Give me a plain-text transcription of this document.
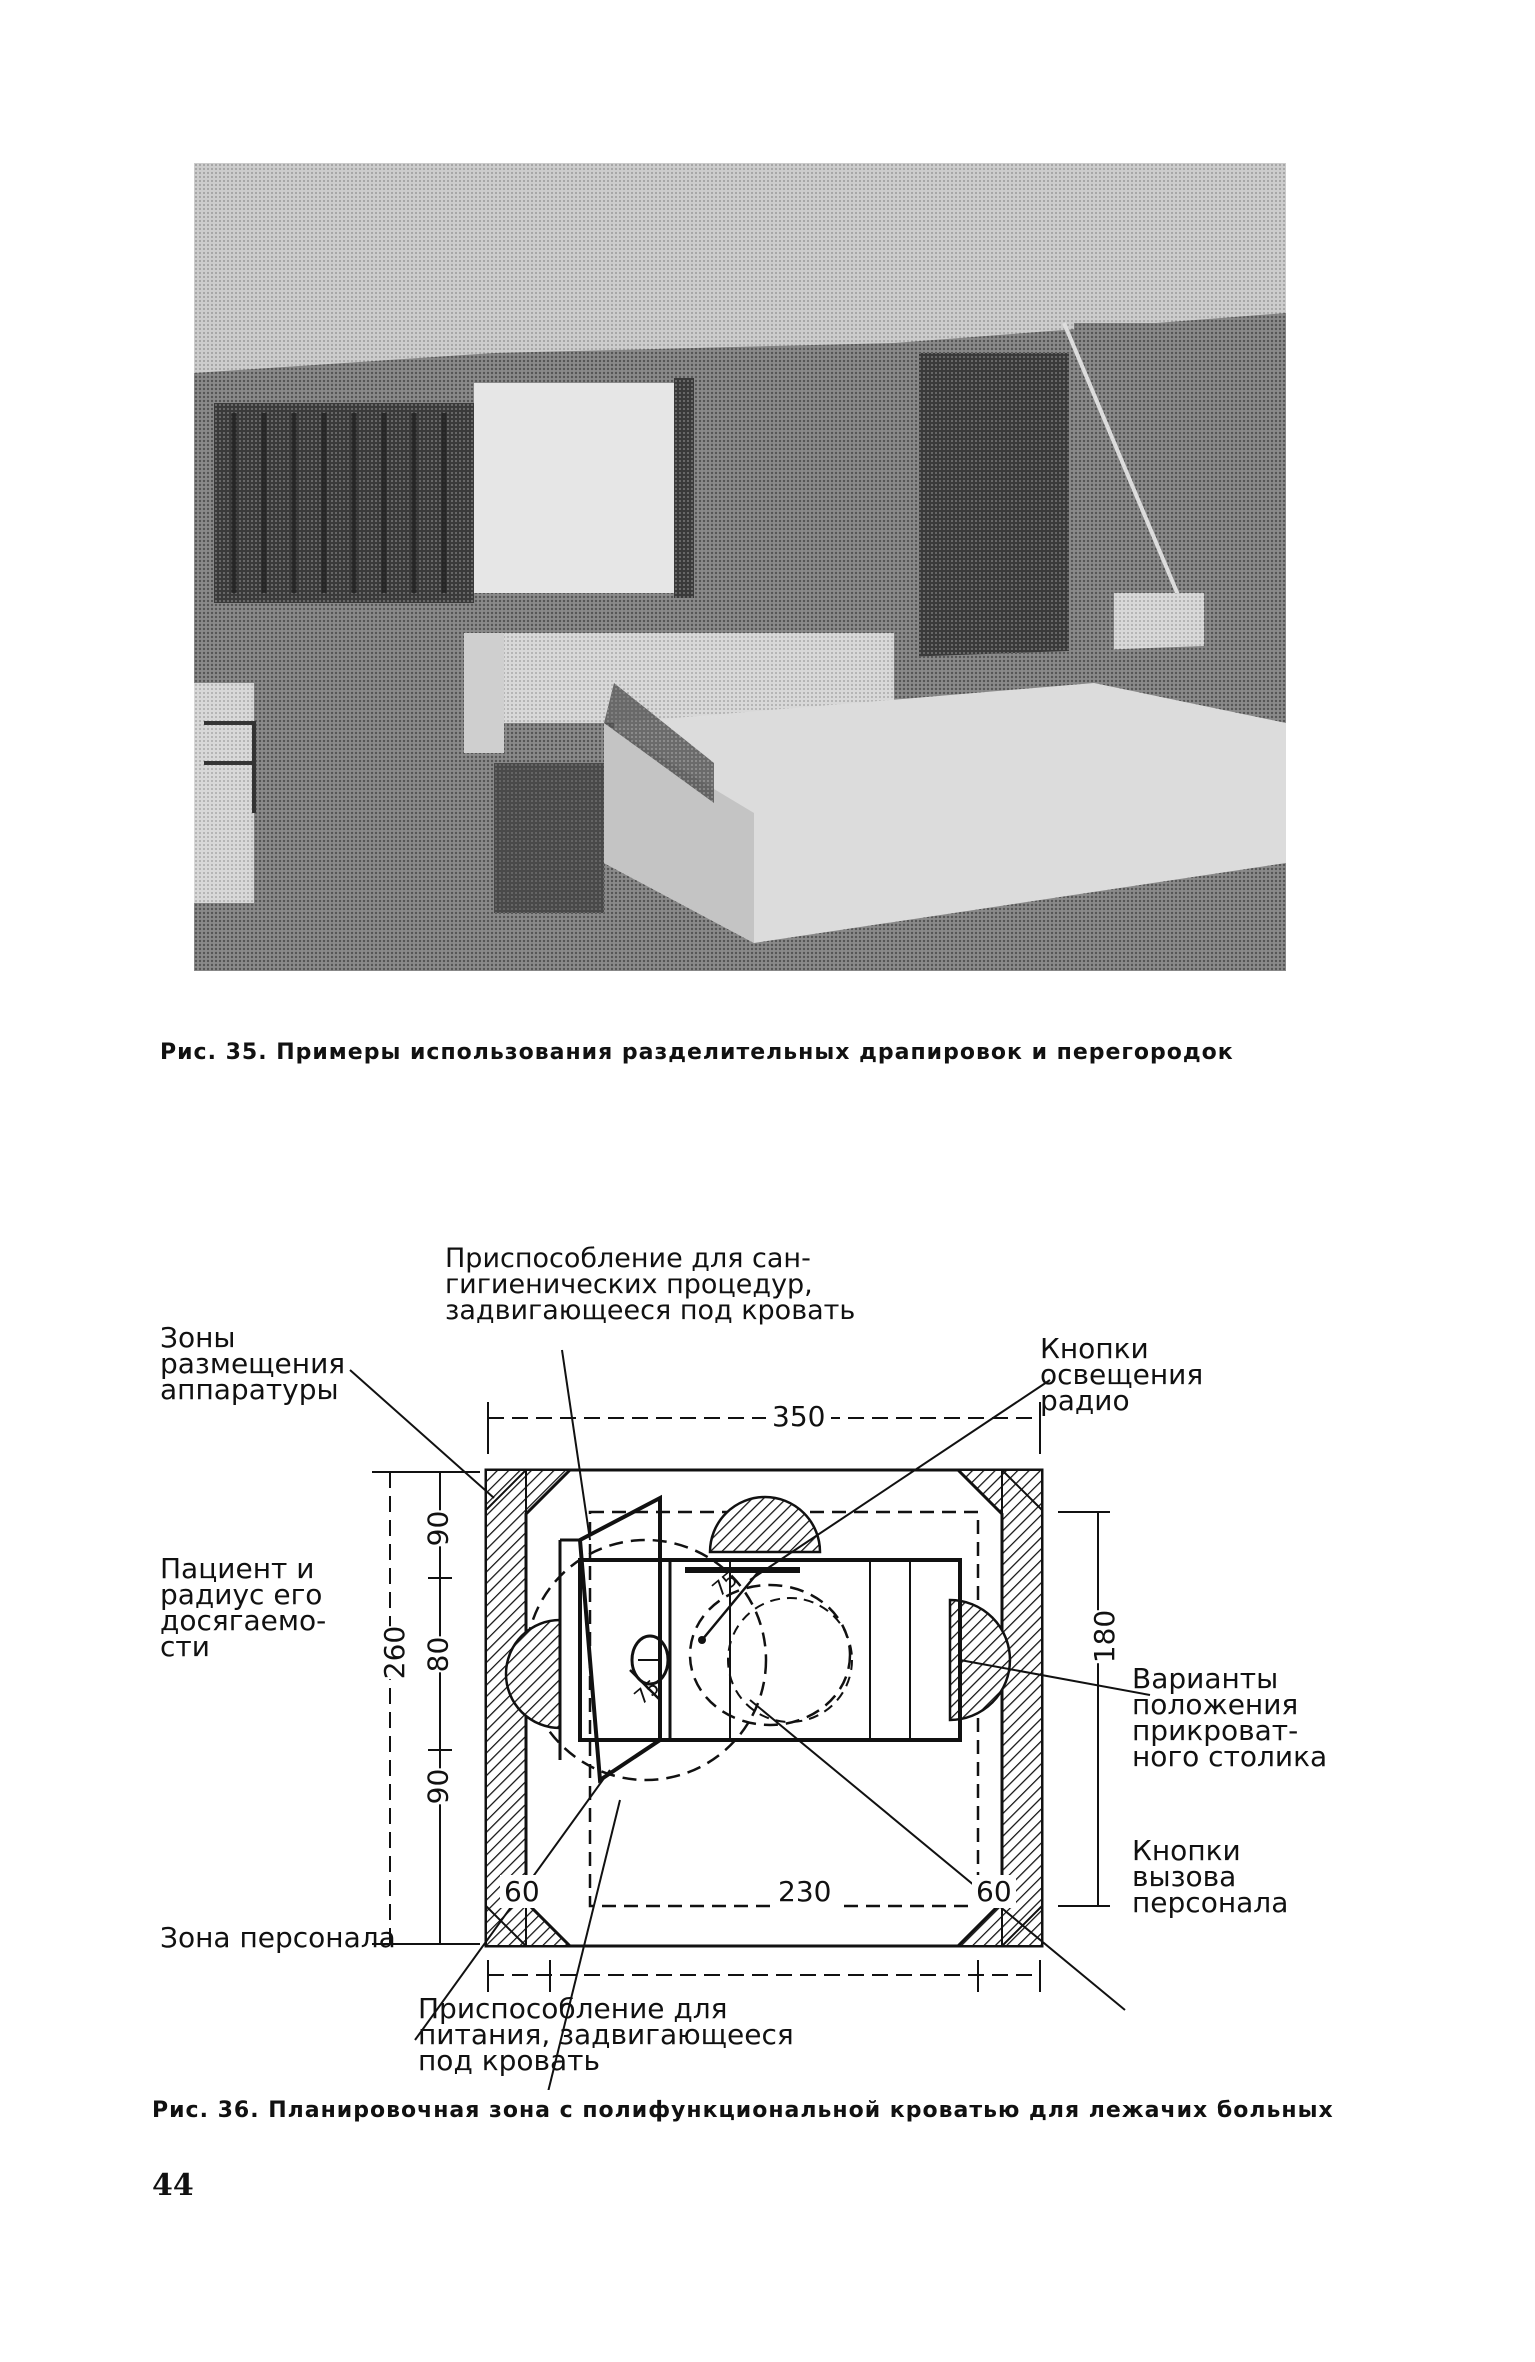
Рис. 35. Примеры использования разделительных драпировок и перегородок
Приспособление для сан-
гигиенических процедур,
задвигающееся под кровать
Зоны
размещения
аппаратуры
Кнопки
освещения
радио
Пациент и
радиус его
досягаемо-
сти
Варианты
положения
прикроват-
ного столика
Кнопки
вызова
персонала
Зона персонала
Приспособление для
питания, задвигающееся
под кровать
350
260
90
80
90
180
60	230	60
75
75
Рис. 36. Планировочная зона с полифункциональной кроватью для лежачих больных
44
